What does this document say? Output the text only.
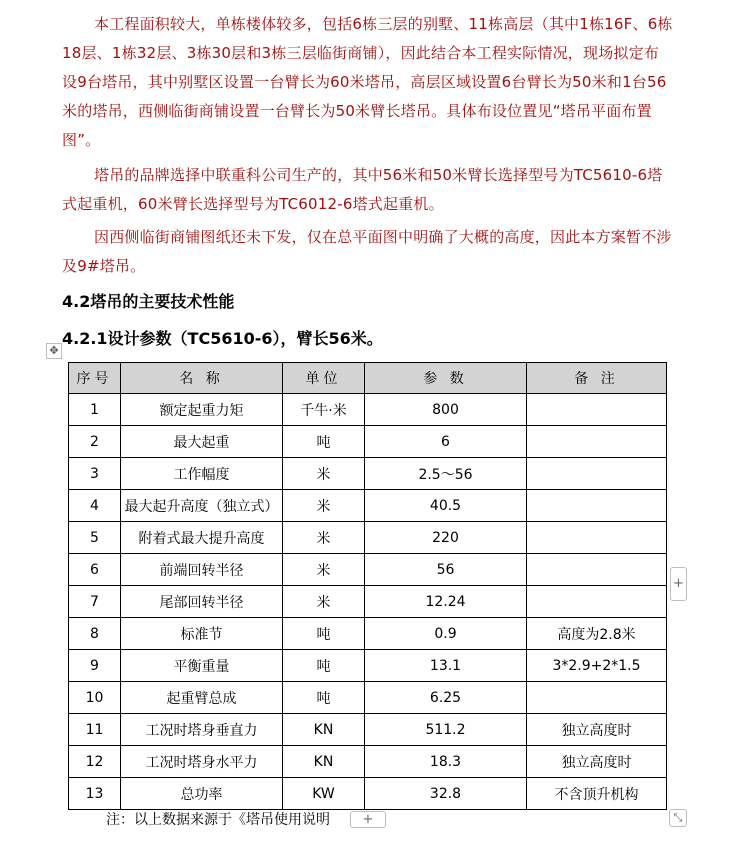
本工程面积较大，单栋楼体较多，包括6栋三层的别墅、11栋高层（其中1栋16F、6栋18层、1栋32层、3栋30层和3栋三层临街商铺），因此结合本工程实际情况，现场拟定布设9台塔吊，其中别墅区设置一台臂长为60米塔吊，高层区域设置6台臂长为50米和1台56米的塔吊，西侧临街商铺设置一台臂长为50米臂长塔吊。具体布设位置见“塔吊平面布置图”。

塔吊的品牌选择中联重科公司生产的，其中56米和50米臂长选择型号为TC5610-6塔式起重机，60米臂长选择型号为TC6012-6塔式起重机。

因西侧临街商铺图纸还未下发，仅在总平面图中明确了大概的高度，因此本方案暂不涉及9#塔吊。

4.2塔吊的主要技术性能
4.2.1设计参数（TC5610-6），臂长56米。
✥
序号	名 称	单位	参 数	备 注
1	额定起重力矩	千牛·米	800	
2	最大起重	吨	6	
3	工作幅度	米	2.5～56	
4	最大起升高度（独立式）	米	40.5	
5	附着式最大提升高度	米	220	
6	前端回转半径	米	56	
7	尾部回转半径	米	12.24	
8	标准节	吨	0.9	高度为2.8米
9	平衡重量	吨	13.1	3*2.9+2*1.5
10	起重臂总成	吨	6.25	
11	工况时塔身垂直力	KN	511.2	独立高度时
12	工况时塔身水平力	KN	18.3	独立高度时
13	总功率	KW	32.8	不含顶升机构
+

注：以上数据来源于《塔吊使用说明	+	⤡
